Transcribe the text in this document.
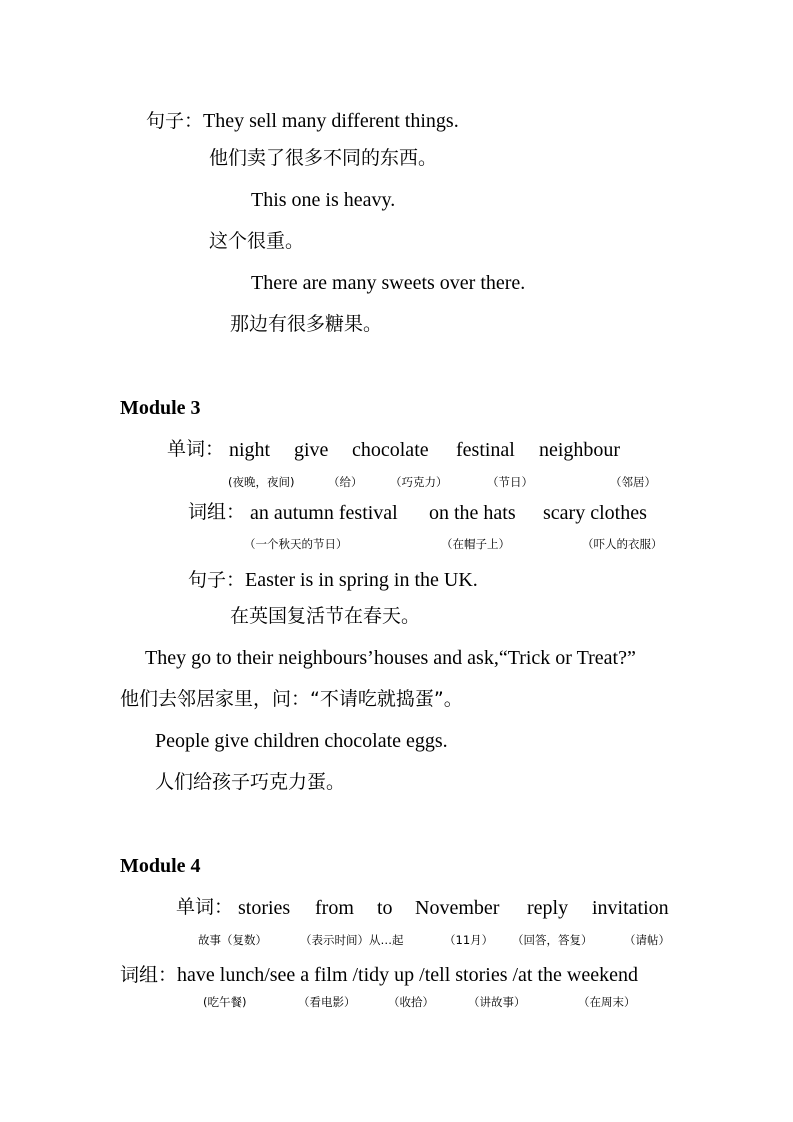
句子： They sell many different things.
他们卖了很多不同的东西。
This one is heavy.
这个很重。
There are many sweets over there.
那边有很多糖果。
Module 3
单词： night give chocolate festinal neighbour
(夜晚，夜间)	（给） （巧克力）	（节日）	（邻居）
词组： an autumn festival on the hats scary clothes
（一个秋天的节日）	（在帽子上）	（吓人的衣服）
句子： Easter is in spring in the UK.
在英国复活节在春天。
They go to their neighbours’houses and ask,“Trick or Treat?”
他们去邻居家里，问：“不请吃就捣蛋”。
People give children chocolate eggs.
人们给孩子巧克力蛋。
Module 4
单词： stories from to November reply invitation
故事（复数）	（表示时间）从…起	（11月） （回答，答复）	（请帖）
词组： have lunch/see a film /tidy up /tell stories /at the weekend
(吃午餐)	（看电影）	（收拾）	（讲故事）	（在周末）
